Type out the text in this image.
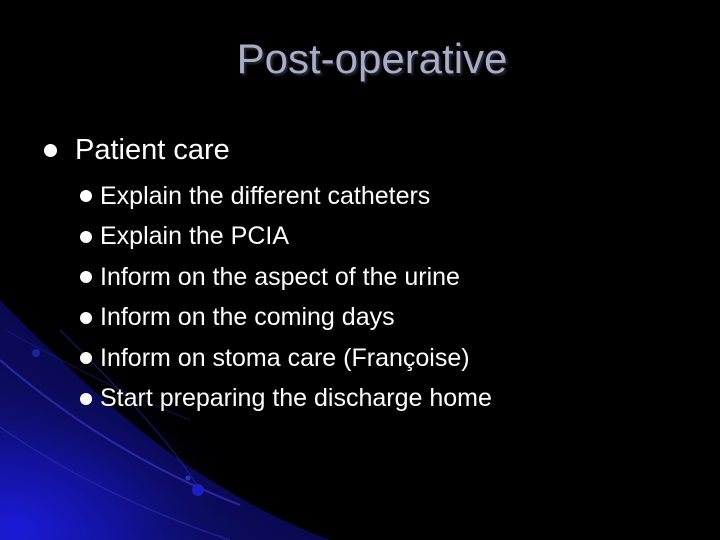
Post-operative
Patient care
Explain the different catheters
Explain the PCIA
Inform on the aspect of the urine
Inform on the coming days
Inform on stoma care (Françoise)
Start preparing the discharge home
